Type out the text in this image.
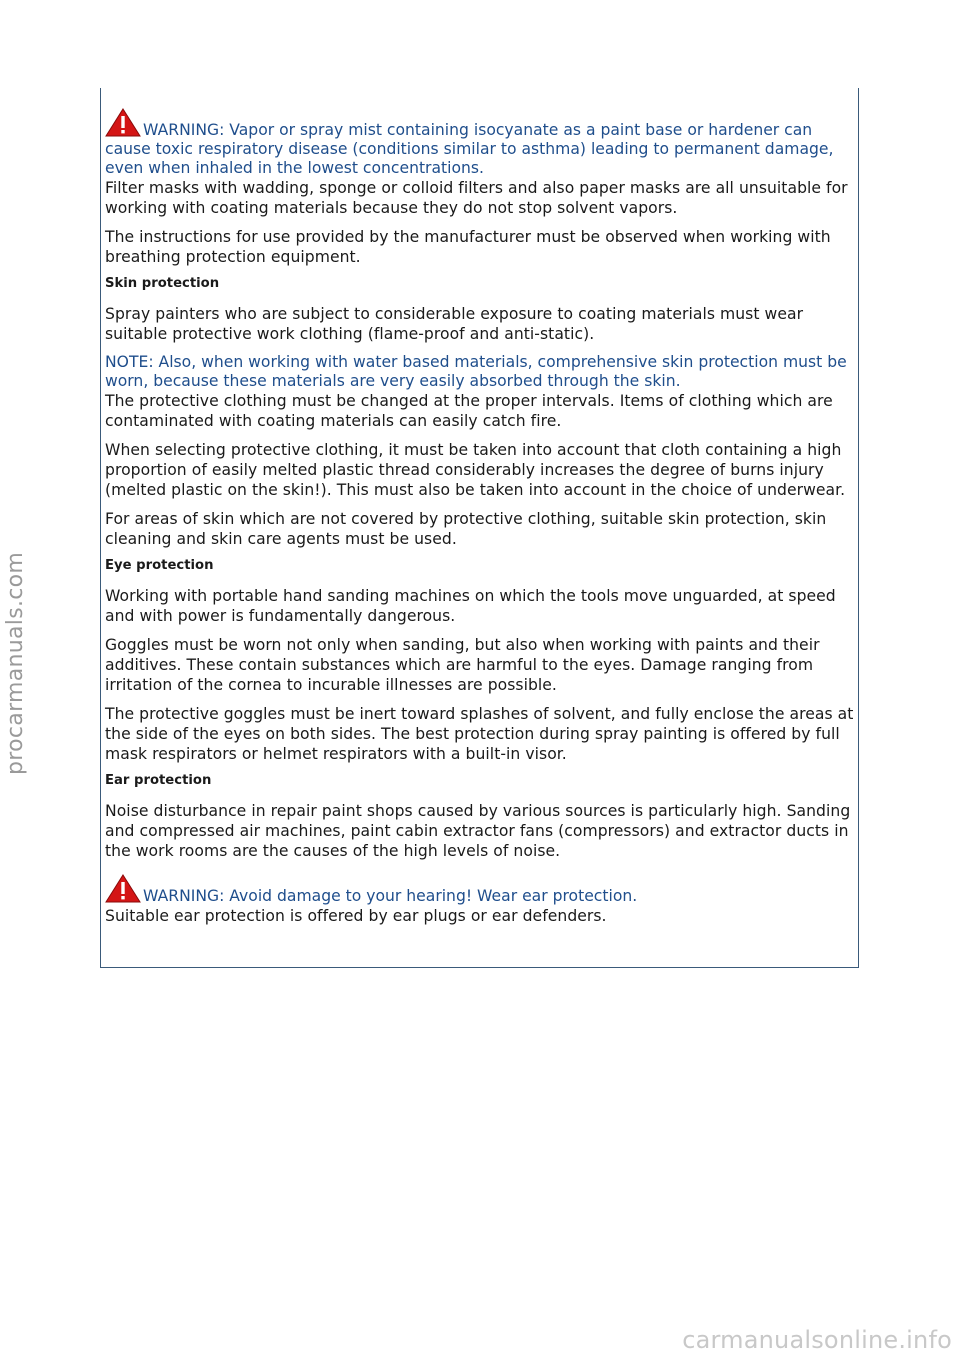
WARNING: Vapor or spray mist containing isocyanate as a paint base or hardener can cause toxic respiratory disease (conditions similar to asthma) leading to permanent damage, even when inhaled in the lowest concentrations.

Filter masks with wadding, sponge or colloid filters and also paper masks are all unsuitable for working with coating materials because they do not stop solvent vapors.

The instructions for use provided by the manufacturer must be observed when working with breathing protection equipment.

Skin protection

Spray painters who are subject to considerable exposure to coating materials must wear suitable protective work clothing (flame-proof and anti-static).

NOTE: Also, when working with water based materials, comprehensive skin protection must be worn, because these materials are very easily absorbed through the skin.

The protective clothing must be changed at the proper intervals. Items of clothing which are contaminated with coating materials can easily catch fire.

When selecting protective clothing, it must be taken into account that cloth containing a high proportion of easily melted plastic thread considerably increases the degree of burns injury (melted plastic on the skin!). This must also be taken into account in the choice of underwear.

For areas of skin which are not covered by protective clothing, suitable skin protection, skin cleaning and skin care agents must be used.

Eye protection

Working with portable hand sanding machines on which the tools move unguarded, at speed and with power is fundamentally dangerous.

Goggles must be worn not only when sanding, but also when working with paints and their additives. These contain substances which are harmful to the eyes. Damage ranging from irritation of the cornea to incurable illnesses are possible.

The protective goggles must be inert toward splashes of solvent, and fully enclose the areas at the side of the eyes on both sides. The best protection during spray painting is offered by full mask respirators or helmet respirators with a built-in visor.

Ear protection

Noise disturbance in repair paint shops caused by various sources is particularly high. Sanding and compressed air machines, paint cabin extractor fans (compressors) and extractor ducts in the work rooms are the causes of the high levels of noise.

WARNING: Avoid damage to your hearing! Wear ear protection.

Suitable ear protection is offered by ear plugs or ear defenders.

procarmanuals.com
carmanualsonline.info
